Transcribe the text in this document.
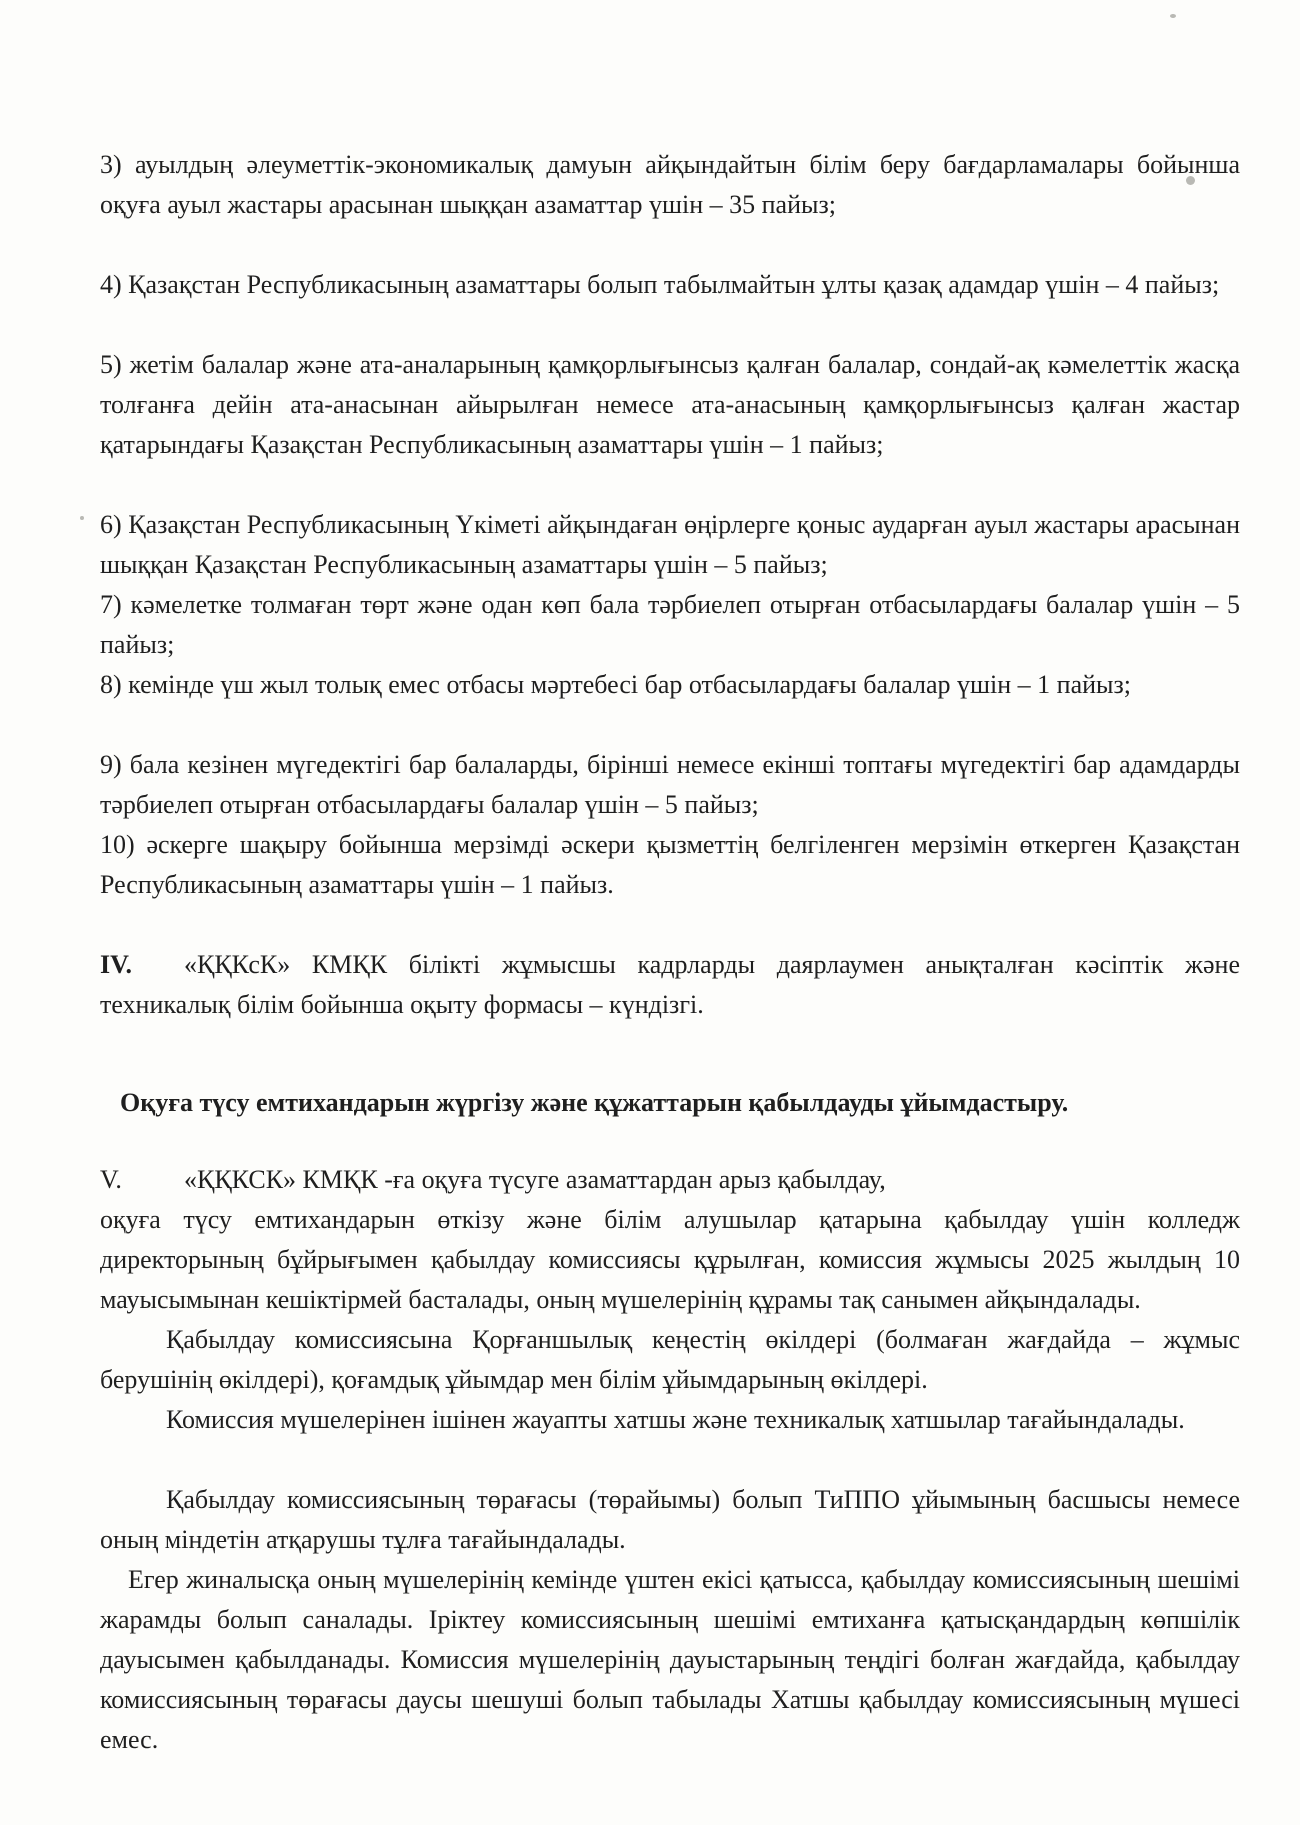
3) ауылдың әлеуметтік-экономикалық дамуын айқындайтын білім беру бағдарламалары бойынша оқуға ауыл жастары арасынан шыққан азаматтар үшін – 35 пайыз;

4) Қазақстан Республикасының азаматтары болып табылмайтын ұлты қазақ адамдар үшін – 4 пайыз;

5) жетім балалар және ата-аналарының қамқорлығынсыз қалған балалар, сондай-ақ кәмелеттік жасқа толғанға дейін ата-анасынан айырылған немесе ата-анасының қамқорлығынсыз қалған жастар қатарындағы Қазақстан Республикасының азаматтары үшін – 1 пайыз;

6) Қазақстан Республикасының Үкіметі айқындаған өңірлерге қоныс аударған ауыл жастары арасынан шыққан Қазақстан Республикасының азаматтары үшін – 5 пайыз;

7) кәмелетке толмаған төрт және одан көп бала тәрбиелеп отырған отбасылардағы балалар үшін – 5 пайыз;

8) кемінде үш жыл толық емес отбасы мәртебесі бар отбасылардағы балалар үшін – 1 пайыз;

9) бала кезінен мүгедектігі бар балаларды, бірінші немесе екінші топтағы мүгедектігі бар адамдарды тәрбиелеп отырған отбасылардағы балалар үшін – 5 пайыз;

10) әскерге шақыру бойынша мерзімді әскери қызметтің белгіленген мерзімін өткерген Қазақстан Республикасының азаматтары үшін – 1 пайыз.

IV. «ҚҚКсК» КМҚК білікті жұмысшы кадрларды даярлаумен анықталған кәсіптік және техникалық білім бойынша оқыту формасы – күндізгі.

Оқуға түсу емтихандарын жүргізу және құжаттарын қабылдауды ұйымдастыру.

V. «ҚҚКСК» КМҚК -ға оқуға түсуге азаматтардан арыз қабылдау,

оқуға түсу емтихандарын өткізу және білім алушылар қатарына қабылдау үшін колледж директорының бұйрығымен қабылдау комиссиясы құрылған, комиссия жұмысы 2025 жылдың 10 мауысымынан кешіктірмей басталады, оның мүшелерінің құрамы тақ санымен айқындалады.

Қабылдау комиссиясына Қорғаншылық кеңестің өкілдері (болмаған жағдайда – жұмыс берушінің өкілдері), қоғамдық ұйымдар мен білім ұйымдарының өкілдері.

Комиссия мүшелерінен ішінен жауапты хатшы және техникалық хатшылар тағайындалады.

Қабылдау комиссиясының төрағасы (төрайымы) болып ТиППО ұйымының басшысы немесе оның міндетін атқарушы тұлға тағайындалады.

Егер жиналысқа оның мүшелерінің кемінде үштен екісі қатысса, қабылдау комиссиясының шешімі жарамды болып саналады. Іріктеу комиссиясының шешімі емтиханға қатысқандардың көпшілік дауысымен қабылданады. Комиссия мүшелерінің дауыстарының теңдігі болған жағдайда, қабылдау комиссиясының төрағасы даусы шешуші болып табылады Хатшы қабылдау комиссиясының мүшесі емес.
